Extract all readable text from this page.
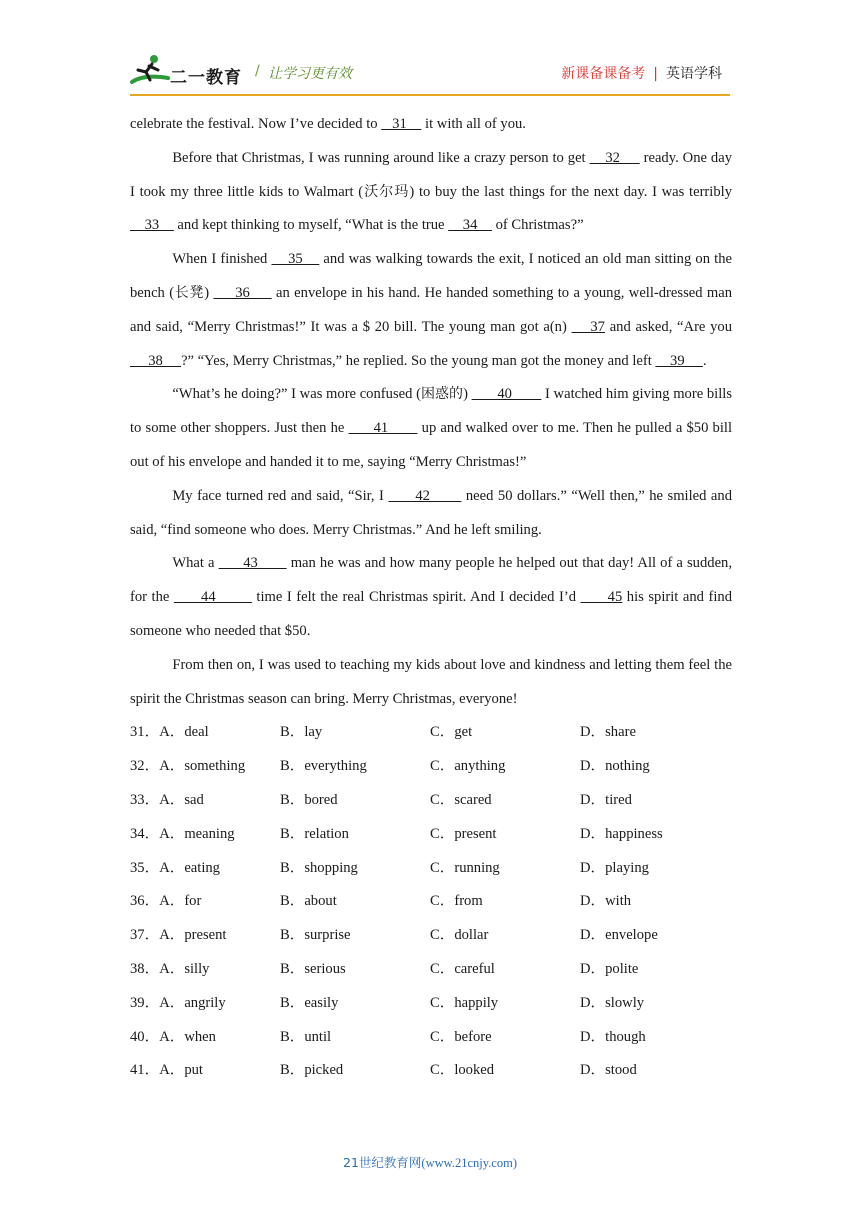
二一教育 / 让学习更有效	新课备课备考 | 英语学科

celebrate the festival. Now I’ve decided to    31     it with all of you.

Before that Christmas, I was running around like a crazy person to get     32      ready. One day I took my three little kids to Walmart (沃尔玛) to buy the last things for the next day. I was terribly     33     and kept thinking to myself, “What is the true     34     of Christmas?”

When I finished     35     and was walking towards the exit, I noticed an old man sitting on the bench (长凳)      36      an envelope in his hand. He handed something to a young, well-dressed man and said, “Merry Christmas!” It was a $ 20 bill. The young man got a(n)     37 and asked, “Are you      38     ?” “Yes, Merry Christmas,” he replied. So the young man got the money and left     39     .

“What’s he doing?” I was more confused (困惑的)        40         I watched him giving more bills to some other shoppers. Just then he       41        up and walked over to me. Then he pulled a $50 bill out of his envelope and handed it to me, saying “Merry Christmas!”

My face turned red and said, “Sir, I       42        need 50 dollars.” “Well then,” he smiled and said, “find someone who does. Merry Christmas.” And he left smiling.

What a       43        man he was and how many people he helped out that day! All of a sudden, for the       44         time I felt the real Christmas spirit. And I decided I’d       45 his spirit and find someone who needed that $50.

From then on, I was used to teaching my kids about love and kindness and letting them feel the spirit the Christmas season can bring. Merry Christmas, everyone!

31．A．deal	B．lay	C．get	D．share
32．A．something	B．everything	C．anything	D．nothing
33．A．sad	B．bored	C．scared	D．tired
34．A．meaning	B．relation	C．present	D．happiness
35．A．eating	B．shopping	C．running	D．playing
36．A．for	B．about	C．from	D．with
37．A．present	B．surprise	C．dollar	D．envelope
38．A．silly	B．serious	C．careful	D．polite
39．A．angrily	B．easily	C．happily	D．slowly
40．A．when	B．until	C．before	D．though
41．A．put	B．picked	C．looked	D．stood
21世纪教育网(www.21cnjy.com)
